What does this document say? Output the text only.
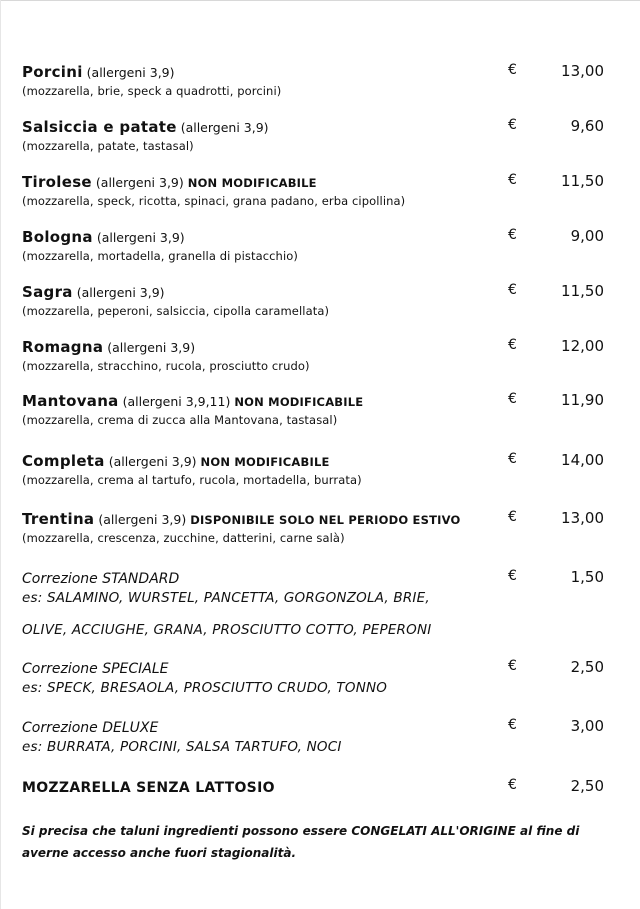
Porcini (allergeni 3,9)	€	13,00
(mozzarella, brie, speck a quadrotti, porcini)
Salsiccia e patate (allergeni 3,9)	€	9,60
(mozzarella, patate, tastasal)
Tirolese (allergeni 3,9) NON MODIFICABILE	€	11,50
(mozzarella, speck, ricotta, spinaci, grana padano, erba cipollina)
Bologna (allergeni 3,9)	€	9,00
(mozzarella, mortadella, granella di pistacchio)
Sagra (allergeni 3,9)	€	11,50
(mozzarella, peperoni, salsiccia, cipolla caramellata)
Romagna (allergeni 3,9)	€	12,00
(mozzarella, stracchino, rucola, prosciutto crudo)
Mantovana (allergeni 3,9,11) NON MODIFICABILE	€	11,90
(mozzarella, crema di zucca alla Mantovana, tastasal)
Completa (allergeni 3,9) NON MODIFICABILE	€	14,00
(mozzarella, crema al tartufo, rucola, mortadella, burrata)
Trentina (allergeni 3,9) DISPONIBILE SOLO NEL PERIODO ESTIVO	€	13,00
(mozzarella, crescenza, zucchine, datterini, carne salà)
Correzione STANDARD	€	1,50
es: SALAMINO, WURSTEL, PANCETTA, GORGONZOLA, BRIE,
OLIVE, ACCIUGHE, GRANA, PROSCIUTTO COTTO, PEPERONI
Correzione SPECIALE	€	2,50
es: SPECK, BRESAOLA, PROSCIUTTO CRUDO, TONNO
Correzione DELUXE	€	3,00
es: BURRATA, PORCINI, SALSA TARTUFO, NOCI
MOZZARELLA SENZA LATTOSIO	€	2,50
Si precisa che taluni ingredienti possono essere CONGELATI ALL'ORIGINE al fine di
averne accesso anche fuori stagionalità.
